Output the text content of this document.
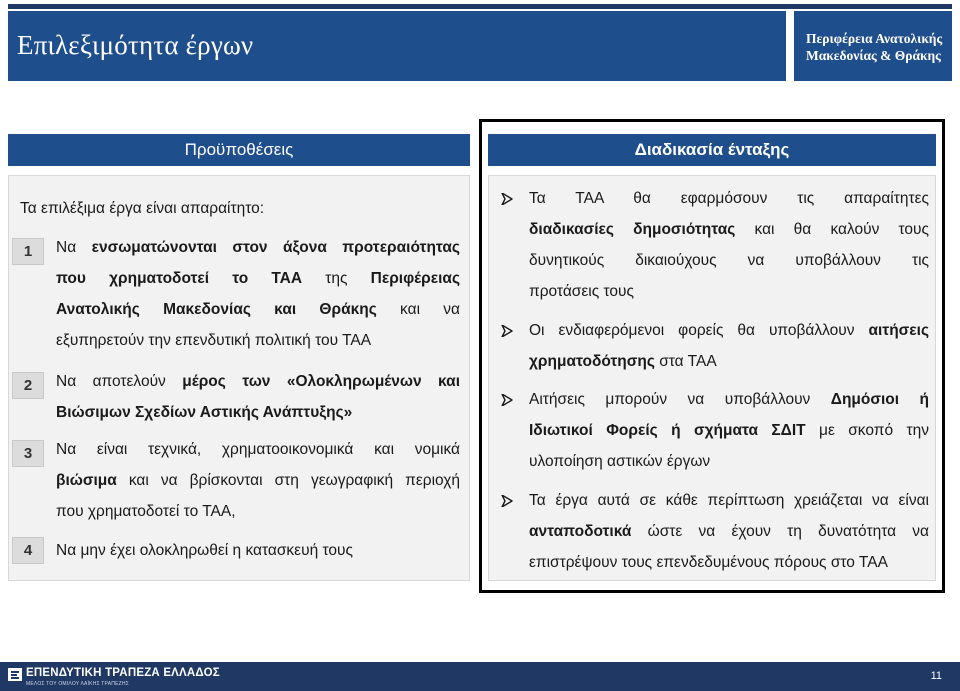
Επιλεξιμότητα έργων	Περιφέρεια Ανατολικής
Μακεδονίας & Θράκης
Προϋποθέσεις
Τα επιλέξιμα έργα είναι απαραίτητο:
1	Να ενσωματώνονται στον άξονα προτεραιότητας
που χρηματοδοτεί το ΤΑΑ της Περιφέρειας
Ανατολικής Μακεδονίας και Θράκης και να
εξυπηρετούν την επενδυτική πολιτική του ΤΑΑ
2	Να αποτελούν μέρος των «Ολοκληρωμένων και
Βιώσιμων Σχεδίων Αστικής Ανάπτυξης»
3	Να είναι τεχνικά, χρηματοοικονομικά και νομικά
βιώσιμα και να βρίσκονται στη γεωγραφική περιοχή
που χρηματοδοτεί το ΤΑΑ,
4	Να μην έχει ολοκληρωθεί η κατασκευή τους
Διαδικασία ένταξης
Τα ΤΑΑ θα εφαρμόσουν τις απαραίτητες
διαδικασίες δημοσιότητας και θα καλούν τους
δυνητικούς δικαιούχους να υποβάλλουν τις
προτάσεις τους
Οι ενδιαφερόμενοι φορείς θα υποβάλλουν αιτήσεις
χρηματοδότησης στα ΤΑΑ
Αιτήσεις μπορούν να υποβάλλουν Δημόσιοι ή
Ιδιωτικοί Φορείς ή σχήματα ΣΔΙΤ με σκοπό την
υλοποίηση αστικών έργων
Τα έργα αυτά σε κάθε περίπτωση χρειάζεται να είναι
ανταποδοτικά ώστε να έχουν τη δυνατότητα να
επιστρέψουν τους επενδεδυμένους πόρους στο ΤΑΑ
ΕΠΕΝΔΥΤΙΚΗ ΤΡΑΠΕΖΑ ΕΛΛΑΔΟΣ
ΜΕΛΟΣ ΤΟΥ ΟΜΙΛΟΥ ΛΑΪΚΗΣ ΤΡΑΠΕΖΗΣ
11
